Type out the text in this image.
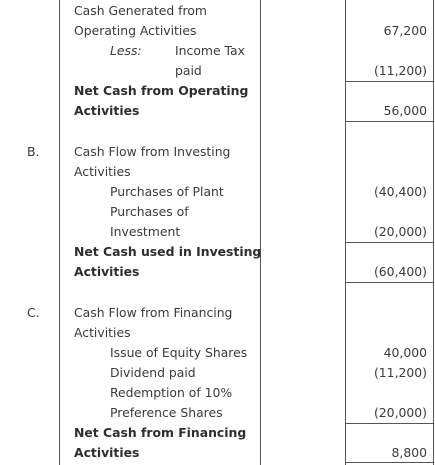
Cash Generated from
Operating Activities	67,200
Less:	Income Tax
paid	(11,200)
Net Cash from Operating
Activities	56,000
B.	Cash Flow from Investing
Activities
Purchases of Plant	(40,400)
Purchases of
Investment	(20,000)
Net Cash used in Investing
Activities	(60,400)
C.	Cash Flow from Financing
Activities
Issue of Equity Shares	40,000
Dividend paid	(11,200)
Redemption of 10%
Preference Shares	(20,000)
Net Cash from Financing
Activities	8,800
